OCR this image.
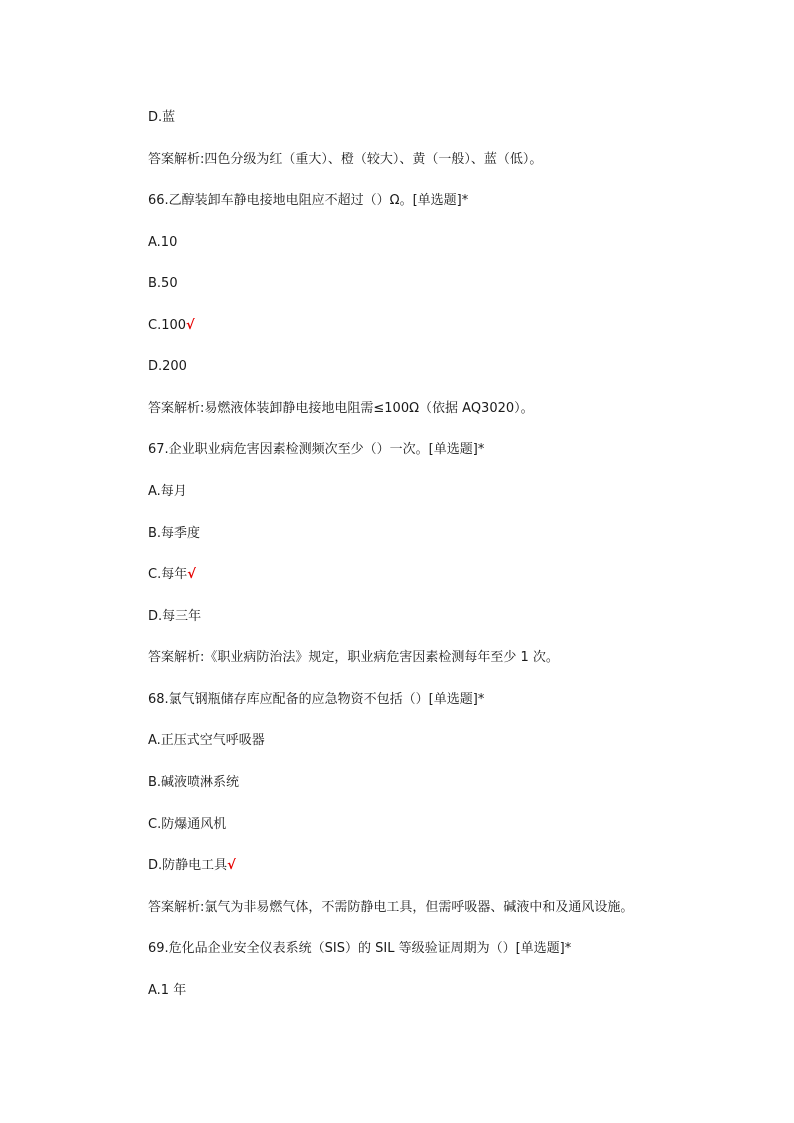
D.蓝
答案解析:四色分级为红（重大）、橙（较大）、黄（一般）、蓝（低）。
66.乙醇装卸车静电接地电阻应不超过（）Ω。[单选题]*
A.10
B.50
C.100√
D.200
答案解析:易燃液体装卸静电接地电阻需≤100Ω（依据 AQ3020）。
67.企业职业病危害因素检测频次至少（）一次。[单选题]*
A.每月
B.每季度
C.每年√
D.每三年
答案解析:《职业病防治法》规定，职业病危害因素检测每年至少 1 次。
68.氯气钢瓶储存库应配备的应急物资不包括（）[单选题]*
A.正压式空气呼吸器
B.碱液喷淋系统
C.防爆通风机
D.防静电工具√
答案解析:氯气为非易燃气体，不需防静电工具，但需呼吸器、碱液中和及通风设施。
69.危化品企业安全仪表系统（SIS）的 SIL 等级验证周期为（）[单选题]*
A.1 年
